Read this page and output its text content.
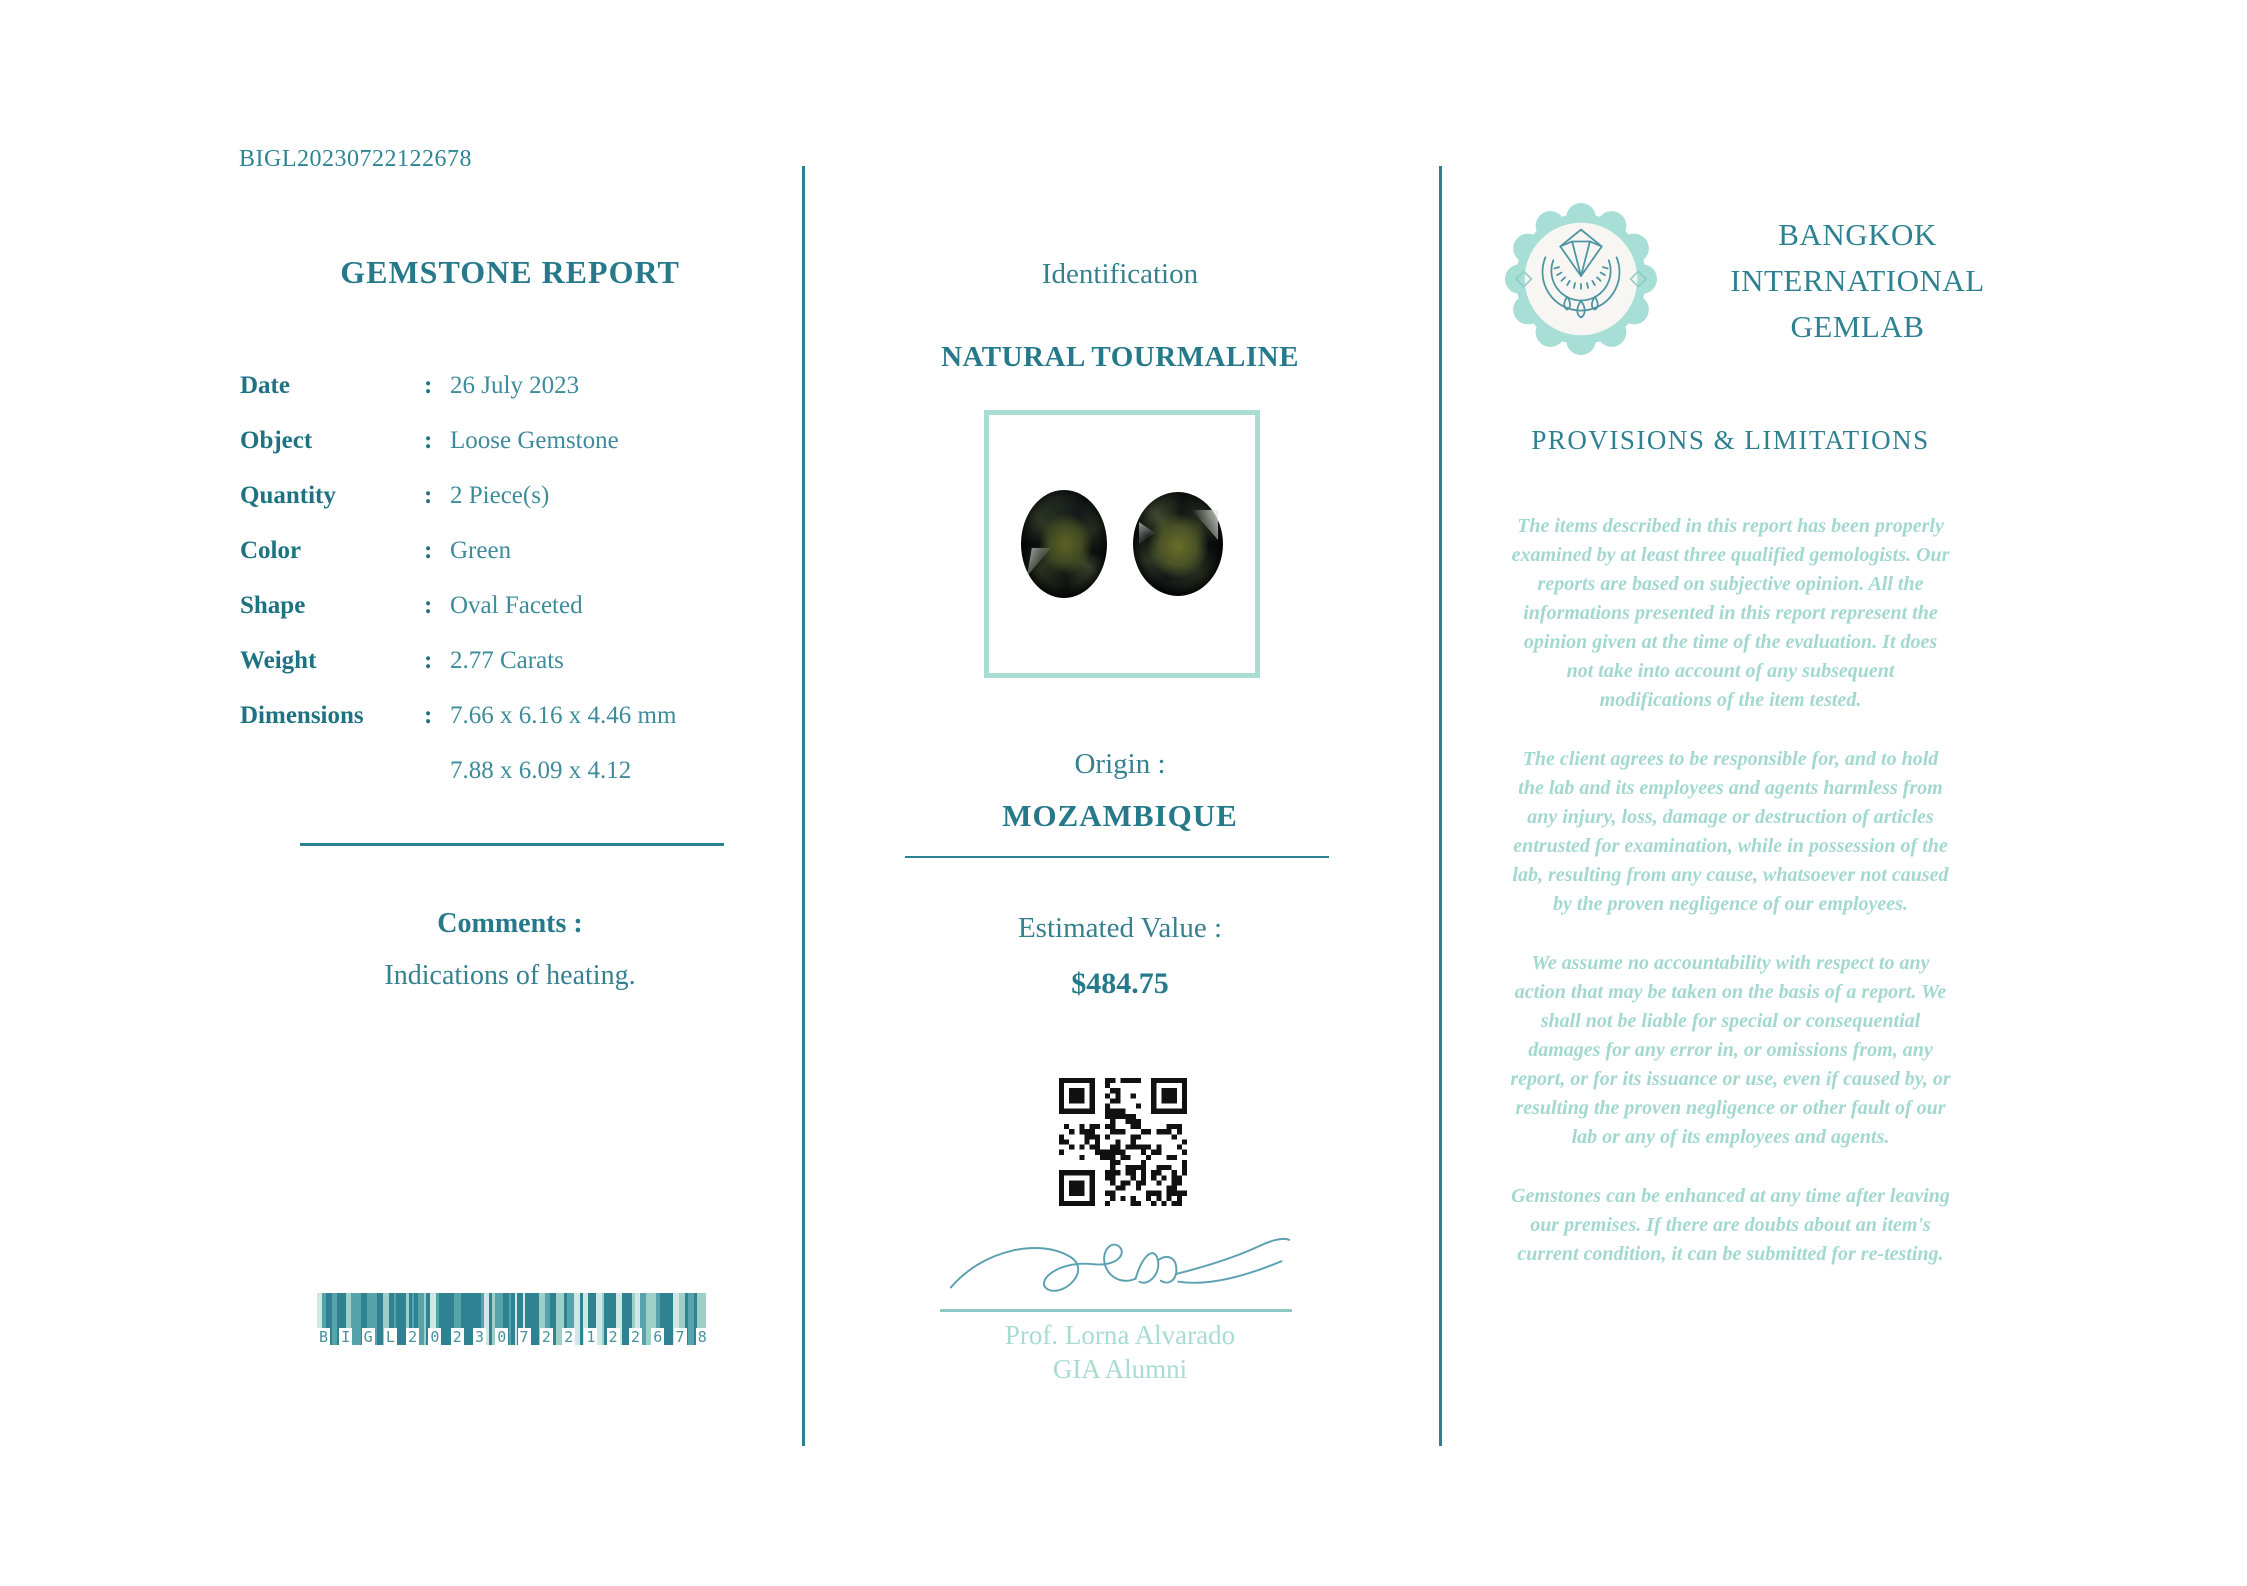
BIGL20230722122678
GEMSTONE REPORT
Date	: 26 July 2023
Object	: Loose Gemstone
Quantity	: 2 Piece(s)
Color	: Green
Shape	: Oval Faceted
Weight	: 2.77 Carats
Dimensions	: 7.66 x 6.16 x 4.46 mm
7.88 x 6.09 x 4.12
Comments :
Indications of heating.
B I G L 2 0 2 3 0 7 2 2 1 2 2 6 7 8
Identification
NATURAL TOURMALINE
Origin :
MOZAMBIQUE
Estimated Value :
$484.75
Prof. Lorna Alvarado
GIA Alumni
BANGKOK
INTERNATIONAL
GEMLAB
PROVISIONS & LIMITATIONS

The items described in this report has been properly examined by at least three qualified gemologists. Our reports are based on subjective opinion. All the informations presented in this report represent the opinion given at the time of the evaluation. It does not take into account of any subsequent modifications of the item tested.

The client agrees to be responsible for, and to hold the lab and its employees and agents harmless from any injury, loss, damage or destruction of articles entrusted for examination, while in possession of the lab, resulting from any cause, whatsoever not caused by the proven negligence of our employees.

We assume no accountability with respect to any action that may be taken on the basis of a report. We shall not be liable for special or consequential damages for any error in, or omissions from, any report, or for its issuance or use, even if caused by, or resulting the proven negligence or other fault of our lab or any of its employees and agents.

Gemstones can be enhanced at any time after leaving our premises. If there are doubts about an item's current condition, it can be submitted for re-testing.
